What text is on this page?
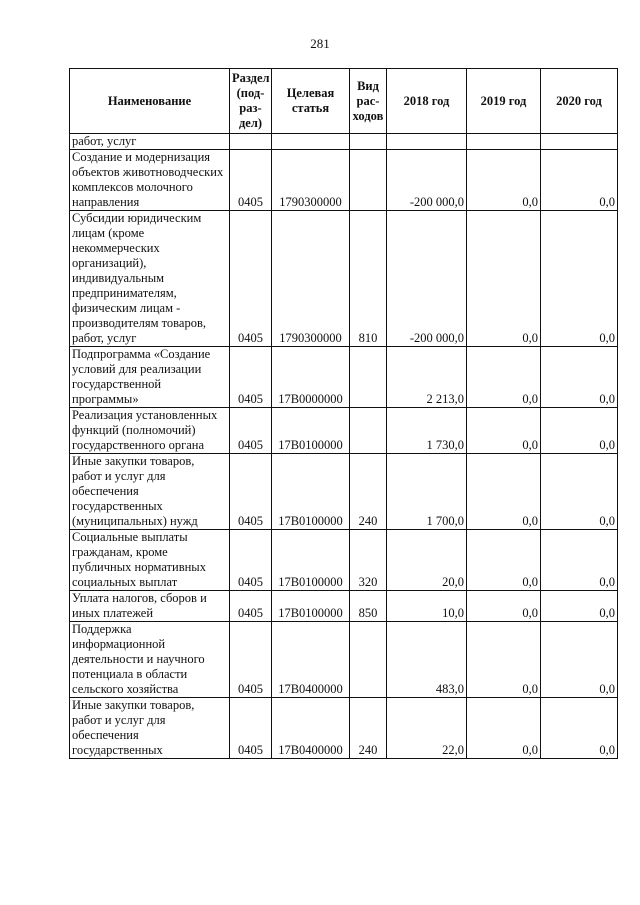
281
Наименование	Раздел (под-раз-дел)	Целевая статья	Вид рас-ходов	2018 год	2019 год	2020 год
работ, услуг						
Создание и модернизация объектов животноводческих комплексов молочного направления	0405	1790300000		-200 000,0	0,0	0,0
Субсидии юридическим лицам (кроме некоммерческих организаций), индивидуальным предпринимателям, физическим лицам - производителям товаров, работ, услуг	0405	1790300000	810	-200 000,0	0,0	0,0
Подпрограмма «Создание условий для реализации государственной программы»	0405	17В0000000		2 213,0	0,0	0,0
Реализация установленных функций (полномочий) государственного органа	0405	17В0100000		1 730,0	0,0	0,0
Иные закупки товаров, работ и услуг для обеспечения государственных (муниципальных) нужд	0405	17В0100000	240	1 700,0	0,0	0,0
Социальные выплаты гражданам, кроме публичных нормативных социальных выплат	0405	17В0100000	320	20,0	0,0	0,0
Уплата налогов, сборов и иных платежей	0405	17В0100000	850	10,0	0,0	0,0
Поддержка информационной деятельности и научного потенциала в области сельского хозяйства	0405	17В0400000		483,0	0,0	0,0
Иные закупки товаров, работ и услуг для обеспечения государственных	0405	17В0400000	240	22,0	0,0	0,0
